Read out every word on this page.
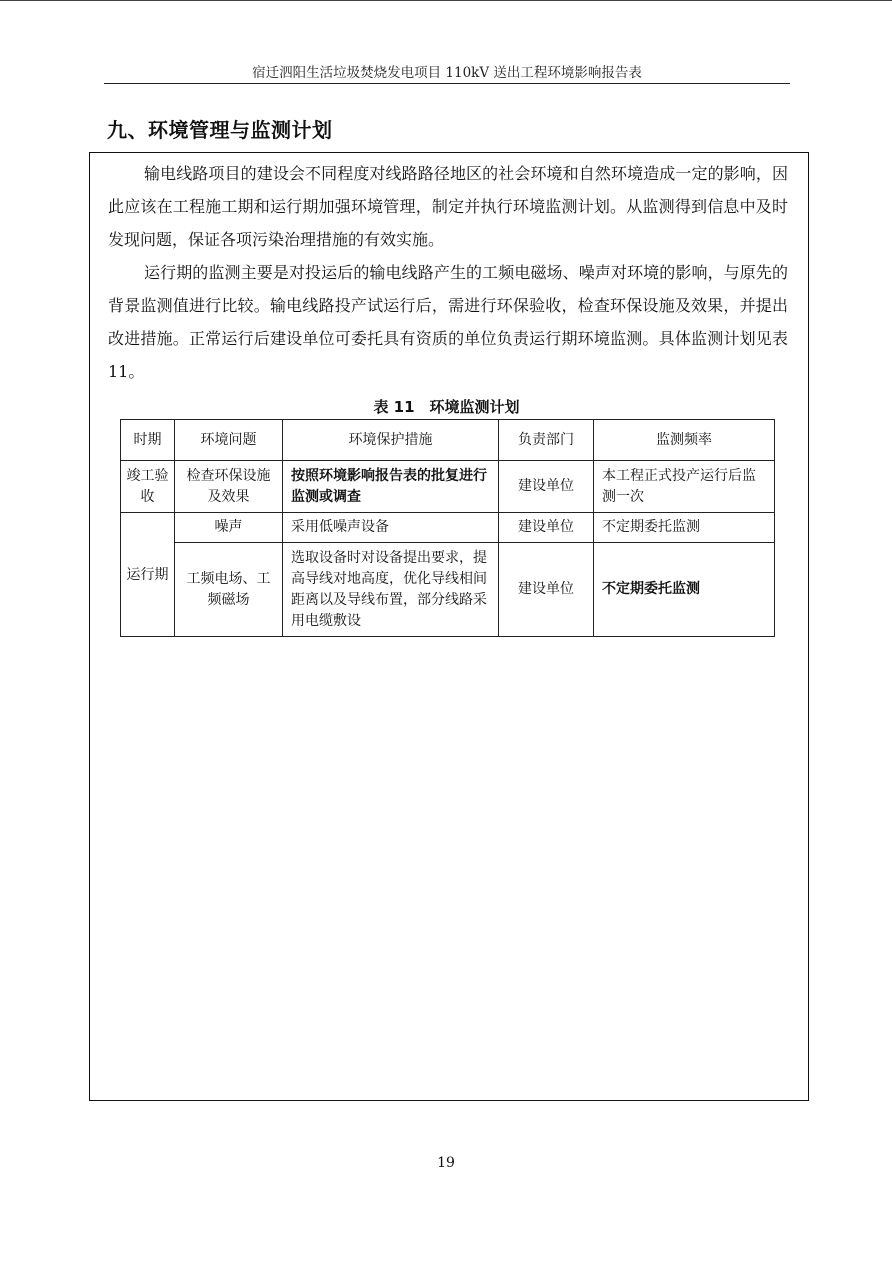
宿迁泗阳生活垃圾焚烧发电项目 110kV 送出工程环境影响报告表
九、环境管理与监测计划

输电线路项目的建设会不同程度对线路路径地区的社会环境和自然环境造成一定的影响，因此应该在工程施工期和运行期加强环境管理，制定并执行环境监测计划。从监测得到信息中及时发现问题，保证各项污染治理措施的有效实施。

运行期的监测主要是对投运后的输电线路产生的工频电磁场、噪声对环境的影响，与原先的背景监测值进行比较。输电线路投产试运行后，需进行环保验收，检查环保设施及效果，并提出改进措施。正常运行后建设单位可委托具有资质的单位负责运行期环境监测。具体监测计划见表11。

表 11　环境监测计划
时期	环境问题	环境保护措施	负责部门	监测频率
竣工验收	检查环保设施及效果	按照环境影响报告表的批复进行监测或调查	建设单位	本工程正式投产运行后监测一次
运行期	噪声	采用低噪声设备	建设单位	不定期委托监测
	工频电场、工频磁场	选取设备时对设备提出要求，提高导线对地高度，优化导线相间距离以及导线布置，部分线路采用电缆敷设	建设单位	不定期委托监测
19
